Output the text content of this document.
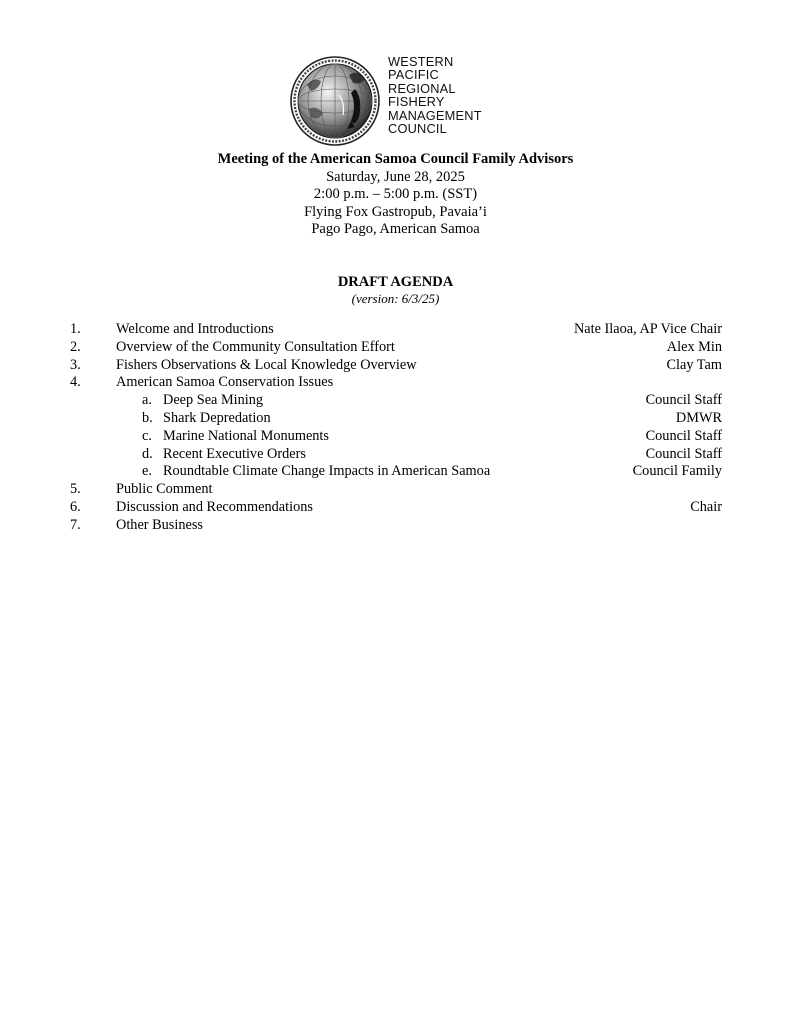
WESTERN
PACIFIC
REGIONAL
FISHERY
MANAGEMENT
COUNCIL
Meeting of the American Samoa Council Family Advisors
Saturday, June 28, 2025
2:00 p.m. – 5:00 p.m. (SST)
Flying Fox Gastropub, Pavaia’i
Pago Pago, American Samoa
DRAFT AGENDA
(version: 6/3/25)
1. Welcome and Introductions	Nate Ilaoa, AP Vice Chair
2. Overview of the Community Consultation Effort	Alex Min
3. Fishers Observations & Local Knowledge Overview	Clay Tam
4. American Samoa Conservation Issues
a. Deep Sea Mining	Council Staff
b. Shark Depredation	DMWR
c. Marine National Monuments	Council Staff
d. Recent Executive Orders	Council Staff
e. Roundtable Climate Change Impacts in American Samoa	Council Family
5. Public Comment
6. Discussion and Recommendations	Chair
7. Other Business
